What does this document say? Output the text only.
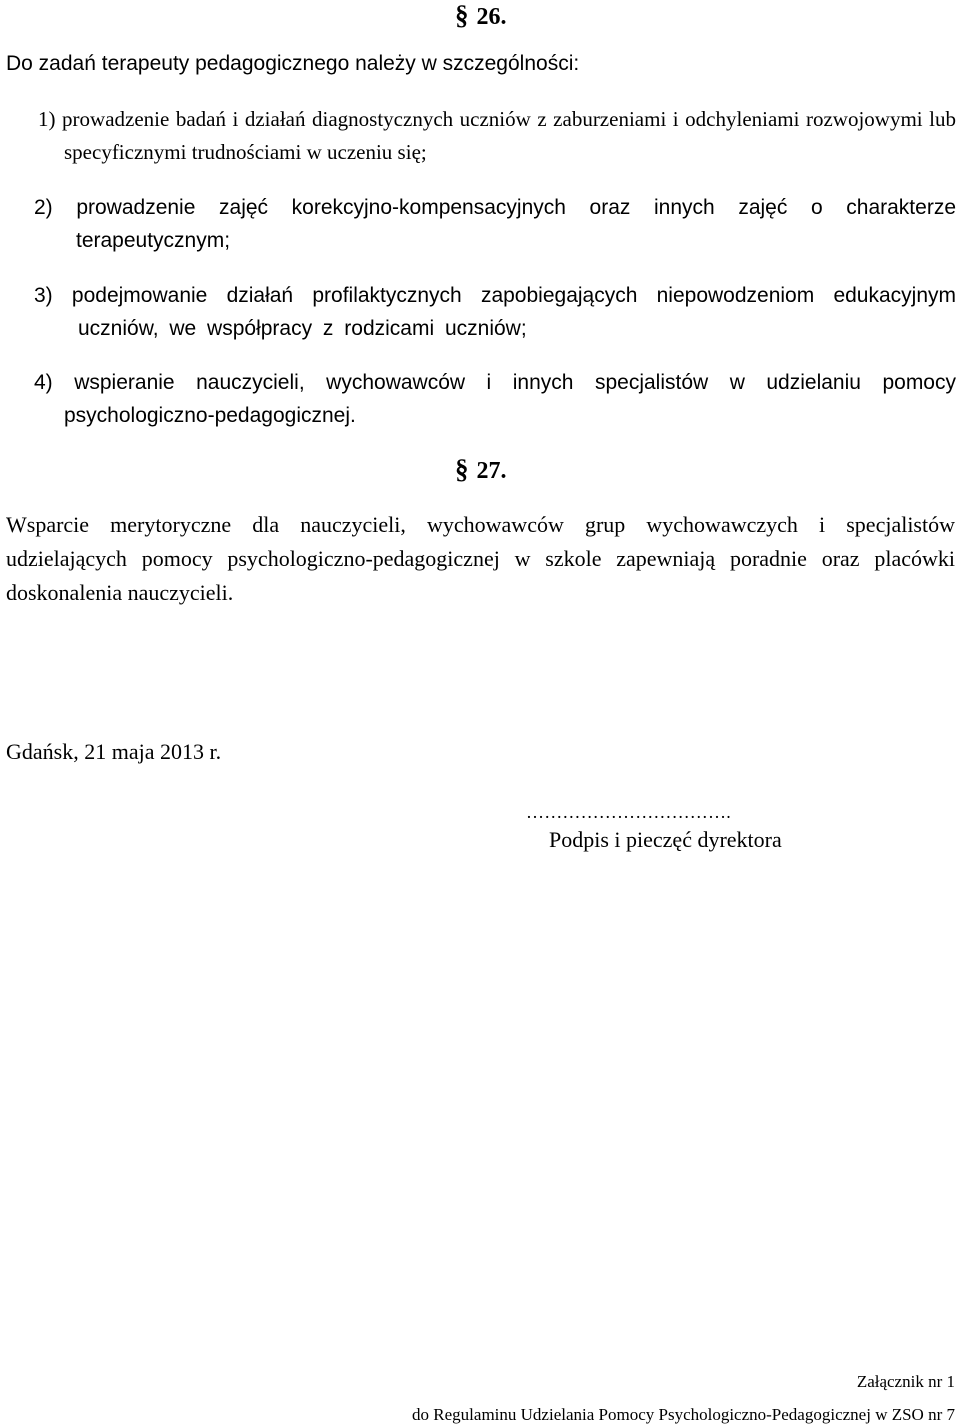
§ 26.
Do zadań terapeuty pedagogicznego należy w szczególności:
1) prowadzenie badań i działań diagnostycznych uczniów z zaburzeniami i odchyleniami rozwojowymi lub specyficznymi trudnościami w uczeniu się;
2) prowadzenie zajęć korekcyjno-kompensacyjnych oraz innych zajęć o charakterze terapeutycznym;
3) podejmowanie działań profilaktycznych zapobiegających niepowodzeniom edukacyjnym uczniów, we współpracy z rodzicami uczniów;
4) wspieranie nauczycieli, wychowawców i innych specjalistów w udzielaniu pomocy psychologiczno-pedagogicznej.
§ 27.
Wsparcie merytoryczne dla nauczycieli, wychowawców grup wychowawczych i specjalistów udzielających pomocy psychologiczno-pedagogicznej w szkole zapewniają poradnie oraz placówki doskonalenia nauczycieli.
Gdańsk, 21 maja 2013 r.
…………………………….
Podpis i pieczęć dyrektora
Załącznik nr 1
do Regulaminu Udzielania Pomocy Psychologiczno-Pedagogicznej w ZSO nr 7
